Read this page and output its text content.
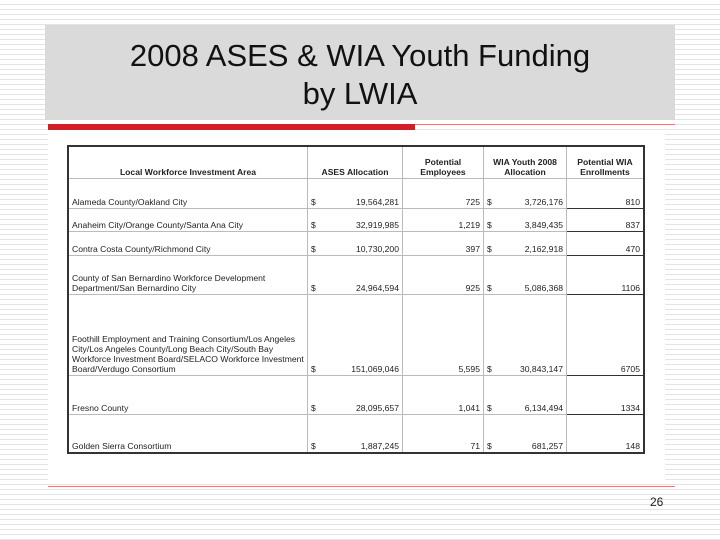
2008 ASES & WIA Youth Funding
by LWIA
Local Workforce Investment Area	ASES Allocation	Potential Employees	WIA Youth 2008 Allocation	Potential WIA Enrollments
Alameda County/Oakland City	$ 19,564,281	725	$ 3,726,176	810
Anaheim City/Orange County/Santa Ana City	$ 32,919,985	1,219	$ 3,849,435	837
Contra Costa County/Richmond City	$ 10,730,200	397	$ 2,162,918	470
County of San Bernardino Workforce Development Department/San Bernardino City	$ 24,964,594	925	$ 5,086,368	1106
Foothill Employment and Training Consortium/Los Angeles City/Los Angeles County/Long Beach City/South Bay Workforce Investment Board/SELACO Workforce Investment Board/Verdugo Consortium	$ 151,069,046	5,595	$ 30,843,147	6705
Fresno County	$ 28,095,657	1,041	$ 6,134,494	1334
Golden Sierra Consortium	$ 1,887,245	71	$ 681,257	148
26
